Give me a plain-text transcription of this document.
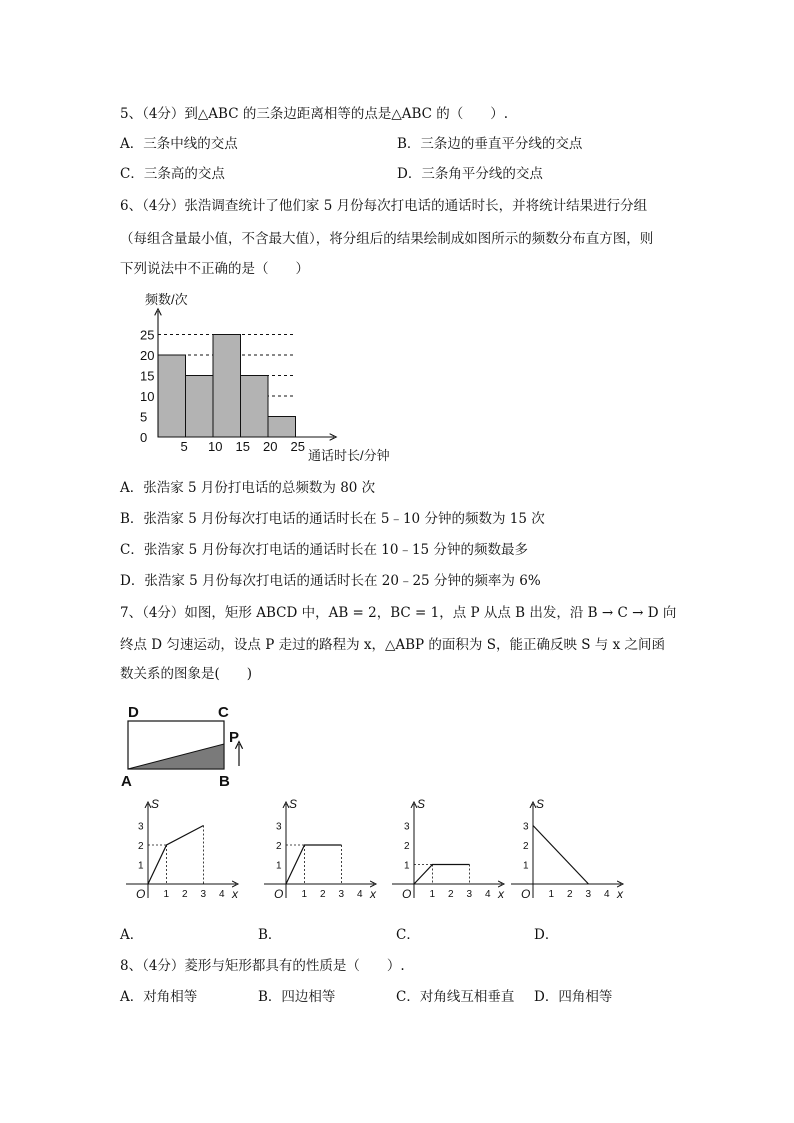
5、（4分）到△ABC 的三条边距离相等的点是△ABC 的（　　）.
A．三条中线的交点	B．三条边的垂直平分线的交点
C．三条高的交点	D．三条角平分线的交点
6、（4分）张浩调查统计了他们家 5 月份每次打电话的通话时长，并将统计结果进行分组
（每组含量最小值，不含最大值），将分组后的结果绘制成如图所示的频数分布直方图，则
下列说法中不正确的是（　　）
0
5
10
15
20
25
5 10 15 20 25
频数/次
通话时长/分钟
A．张浩家 5 月份打电话的总频数为 80 次
B．张浩家 5 月份每次打电话的通话时长在 5﹣10 分钟的频数为 15 次
C．张浩家 5 月份每次打电话的通话时长在 10﹣15 分钟的频数最多
D．张浩家 5 月份每次打电话的通话时长在 20﹣25 分钟的频率为 6%
7、（4分）如图，矩形 ABCD 中，AB = 2，BC = 1，点 P 从点 B 出发，沿 B → C → D 向
终点 D 匀速运动，设点 P 走过的路程为 x，△ABP 的面积为 S，能正确反映 S 与 x 之间函
数关系的图象是(　　)
D	C
P
A	B
S
x
O 1 2 3 4
1
2
3
S
x
O 1 2 3 4
1
2
3
S
x
O 1 2 3 4
1
2
3
S
x
O 1 2 3 4
1
2
3
A．	B．	C．	D．
8、（4分）菱形与矩形都具有的性质是（　　）.
A．对角相等	B．四边相等	C．对角线互相垂直 D．四角相等
